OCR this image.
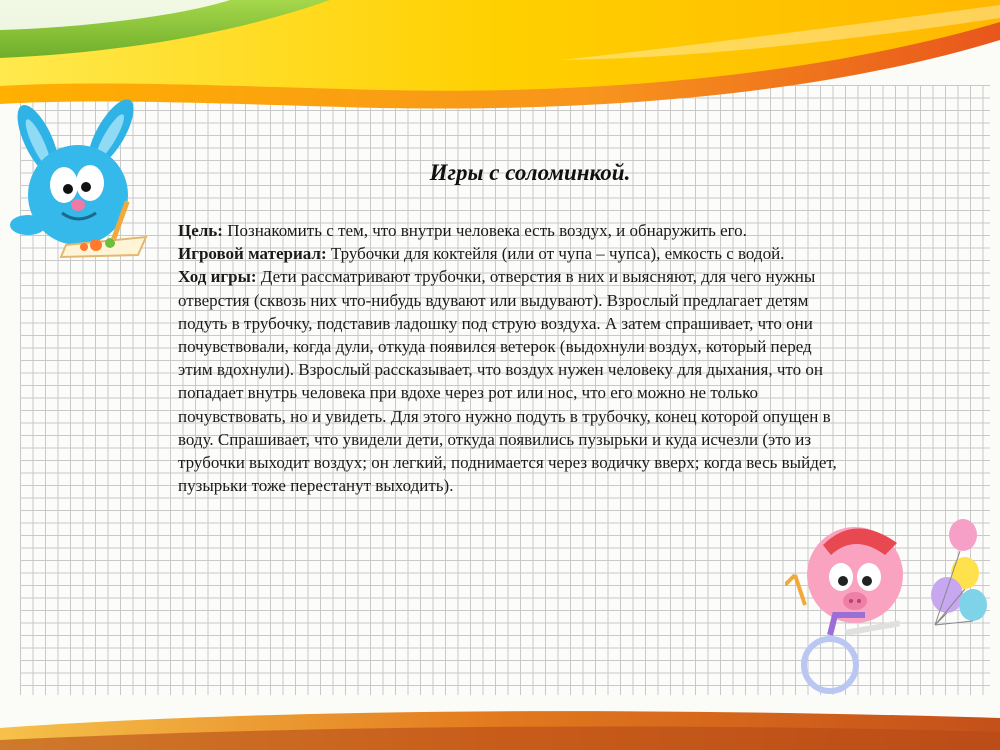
Игры с соломинкой.

Цель: Познакомить с тем, что внутри человека есть воздух, и обнаружить его.

Игровой материал: Трубочки для коктейля (или от чупа – чупса), емкость с водой.

Ход игры: Дети рассматривают трубочки, отверстия в них и выясняют, для чего нужны отверстия (сквозь них что-нибудь вдувают или выдувают). Взрослый предлагает детям подуть в трубочку, подставив ладошку под струю воздуха. А затем спрашивает, что они почувствовали, когда дули, откуда появился ветерок (выдохнули воздух, который перед этим вдохнули). Взрослый рассказывает, что воздух нужен человеку для дыхания, что он попадает внутрь человека при вдохе через рот или нос, что его можно не только почувствовать, но и увидеть. Для этого нужно подуть в трубочку, конец которой опущен в воду. Спрашивает, что увидели дети, откуда появились пузырьки и куда исчезли (это из трубочки выходит воздух; он легкий, поднимается через водичку вверх; когда весь выйдет, пузырьки тоже перестанут выходить).
